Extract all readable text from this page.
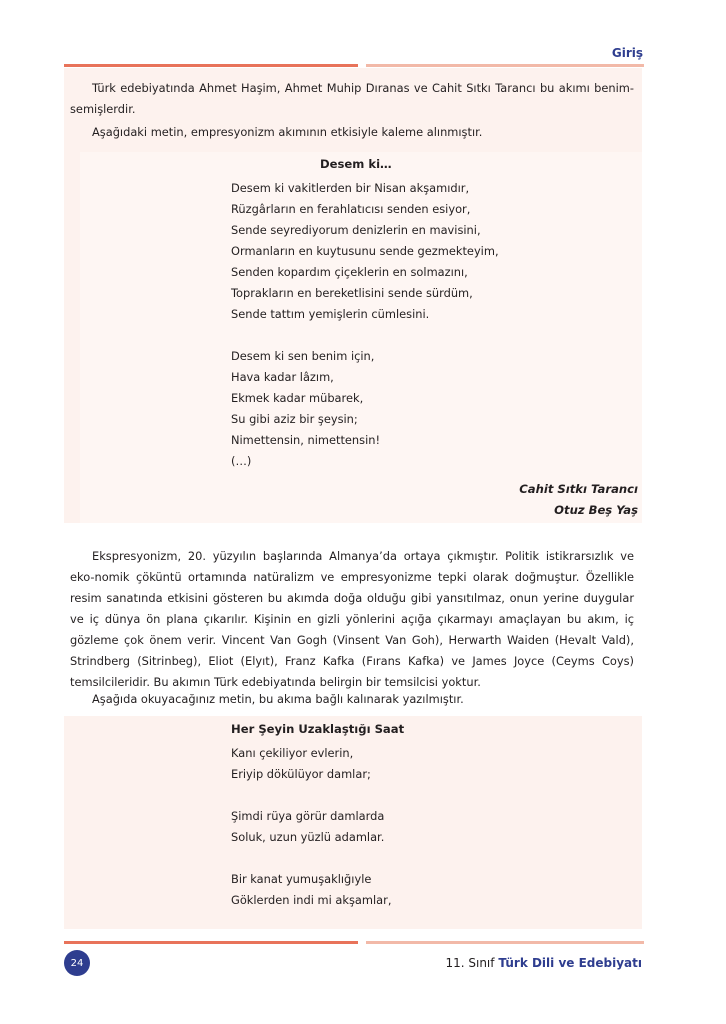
Giriş

Türk edebiyatında Ahmet Haşim, Ahmet Muhip Dıranas ve Cahit Sıtkı Tarancı bu akımı benim-semişlerdir.

Aşağıdaki metin, empresyonizm akımının etkisiyle kaleme alınmıştır.

Desem ki…
Desem ki vakitlerden bir Nisan akşamıdır,
Rüzgârların en ferahlatıcısı senden esiyor,
Sende seyrediyorum denizlerin en mavisini,
Ormanların en kuytusunu sende gezmekteyim,
Senden kopardım çiçeklerin en solmazını,
Toprakların en bereketlisini sende sürdüm,
Sende tattım yemişlerin cümlesini.
Desem ki sen benim için,
Hava kadar lâzım,
Ekmek kadar mübarek,
Su gibi aziz bir şeysin;
Nimettensin, nimettensin!
(…)
Cahit Sıtkı Tarancı
Otuz Beş Yaş

Ekspresyonizm, 20. yüzyılın başlarında Almanya’da ortaya çıkmıştır. Politik istikrarsızlık ve eko-nomik çöküntü ortamında natüralizm ve empresyonizme tepki olarak doğmuştur. Özellikle resim sanatında etkisini gösteren bu akımda doğa olduğu gibi yansıtılmaz, onun yerine duygular ve iç dünya ön plana çıkarılır. Kişinin en gizli yönlerini açığa çıkarmayı amaçlayan bu akım, iç gözleme çok önem verir. Vincent Van Gogh (Vinsent Van Goh), Herwarth Waiden (Hevalt Vald), Strindberg (Sitrinbeg), Eliot (Elyıt), Franz Kafka (Fırans Kafka) ve James Joyce (Ceyms Coys) temsilcileridir. Bu akımın Türk edebiyatında belirgin bir temsilcisi yoktur.

Aşağıda okuyacağınız metin, bu akıma bağlı kalınarak yazılmıştır.

Her Şeyin Uzaklaştığı Saat
Kanı çekiliyor evlerin,
Eriyip dökülüyor damlar;
Şimdi rüya görür damlarda
Soluk, uzun yüzlü adamlar.
Bir kanat yumuşaklığıyle
Göklerden indi mi akşamlar,
24	11. Sınıf Türk Dili ve Edebiyatı
